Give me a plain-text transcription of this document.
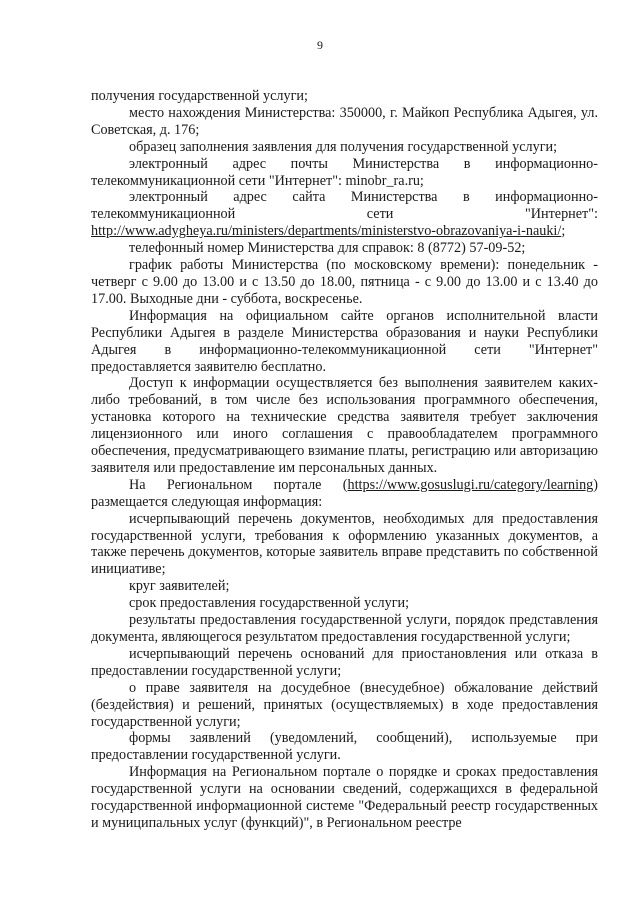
9

получения государственной услуги;

место нахождения Министерства: 350000, г. Майкоп Республика Адыгея, ул. Советская, д. 176;

образец заполнения заявления для получения государственной услуги;

электронный адрес почты Министерства в информационно-телекоммуникационной сети "Интернет": minobr_ra.ru;

электронный адрес сайта Министерства в информационно-телекоммуникационной сети "Интернет": http://www.adygheya.ru/ministers/departments/ministerstvo-obrazovaniya-i-nauki/;

телефонный номер Министерства для справок: 8 (8772) 57-09-52;

график работы Министерства (по московскому времени): понедельник - четверг с 9.00 до 13.00 и с 13.50 до 18.00, пятница - с 9.00 до 13.00 и с 13.40 до 17.00. Выходные дни - суббота, воскресенье.

Информация на официальном сайте органов исполнительной власти Республики Адыгея в разделе Министерства образования и науки Республики Адыгея в информационно-телекоммуникационной сети "Интернет" предоставляется заявителю бесплатно.

Доступ к информации осуществляется без выполнения заявителем каких-либо требований, в том числе без использования программного обеспечения, установка которого на технические средства заявителя требует заключения лицензионного или иного соглашения с правообладателем программного обеспечения, предусматривающего взимание платы, регистрацию или авторизацию заявителя или предоставление им персональных данных.

На Региональном портале (https://www.gosuslugi.ru/category/learning) размещается следующая информация:

исчерпывающий перечень документов, необходимых для предоставления государственной услуги, требования к оформлению указанных документов, а также перечень документов, которые заявитель вправе представить по собственной инициативе;

круг заявителей;

срок предоставления государственной услуги;

результаты предоставления государственной услуги, порядок представления документа, являющегося результатом предоставления государственной услуги;

исчерпывающий перечень оснований для приостановления или отказа в предоставлении государственной услуги;

о праве заявителя на досудебное (внесудебное) обжалование действий (бездействия) и решений, принятых (осуществляемых) в ходе предоставления государственной услуги;

формы заявлений (уведомлений, сообщений), используемые при предоставлении государственной услуги.

Информация на Региональном портале о порядке и сроках предоставления государственной услуги на основании сведений, содержащихся в федеральной государственной информационной системе "Федеральный реестр государственных и муниципальных услуг (функций)", в Региональном реестре
